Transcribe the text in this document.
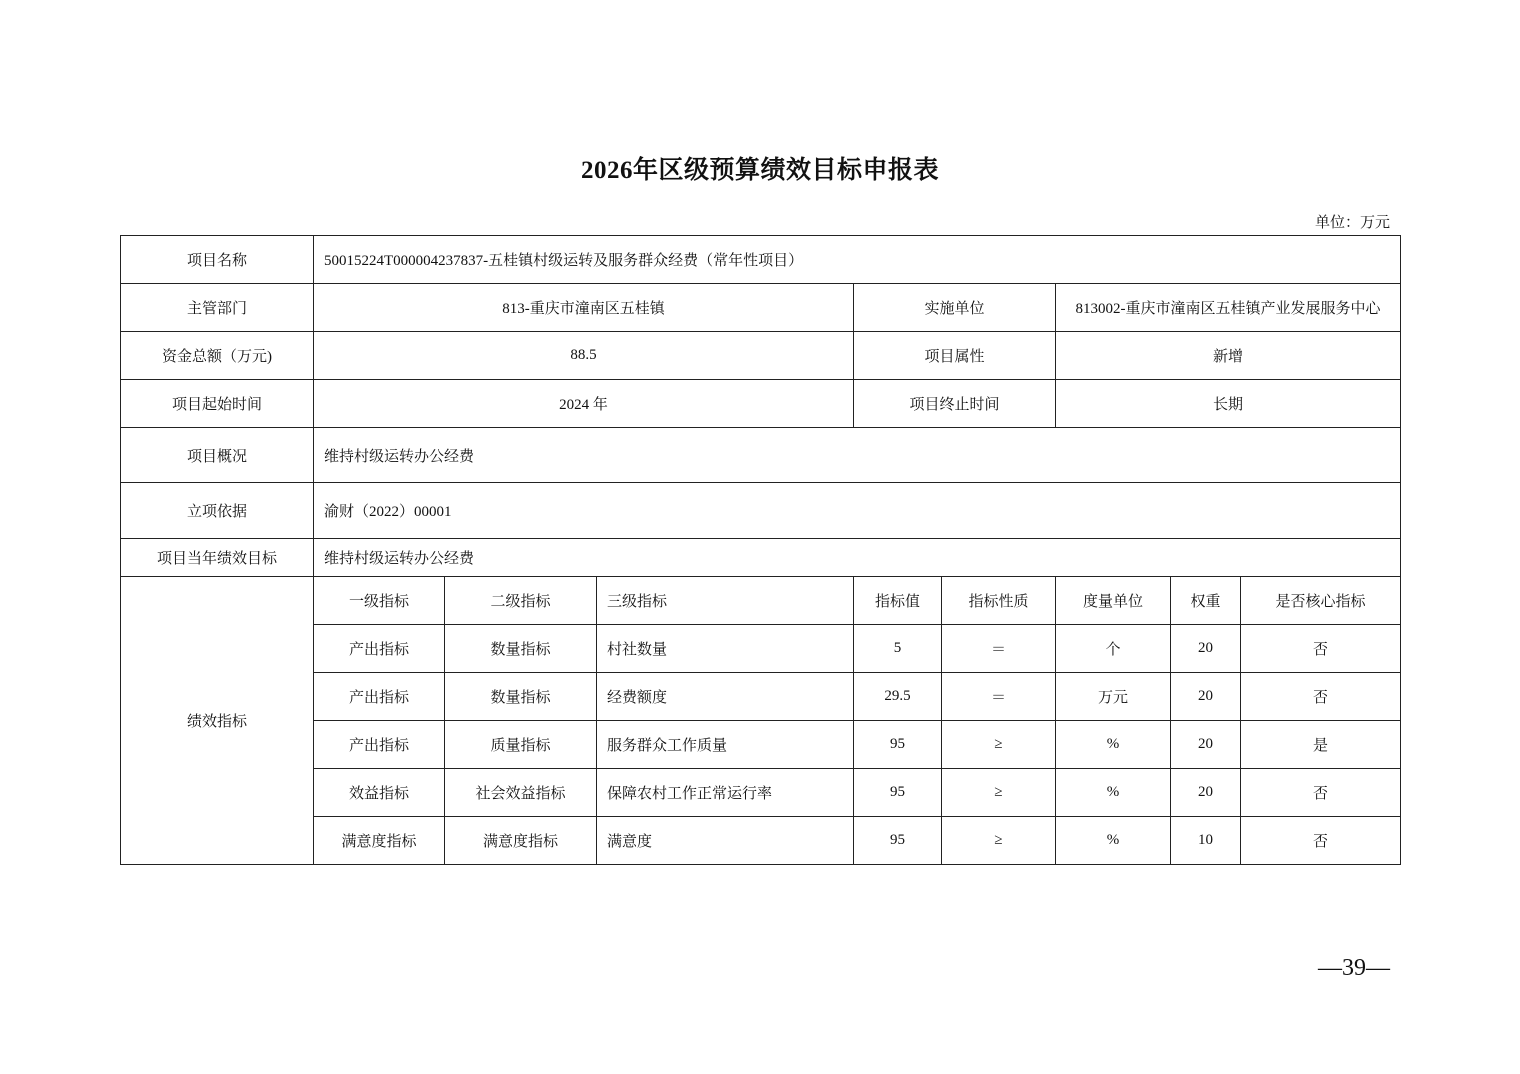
2026年区级预算绩效目标申报表
单位：万元
项目名称	50015224T000004237837-五桂镇村级运转及服务群众经费（常年性项目）							
主管部门	813-重庆市潼南区五桂镇			实施单位		813002-重庆市潼南区五桂镇产业发展服务中心		
资金总额（万元)	88.5			项目属性		新增		
项目起始时间	2024 年			项目终止时间		长期		
项目概况	维持村级运转办公经费							
立项依据	渝财（2022）00001							
项目当年绩效目标	维持村级运转办公经费							
绩效指标	一级指标	二级指标	三级指标	指标值	指标性质	度量单位	权重	是否核心指标
	产出指标	数量指标	村社数量	5	＝	个	20	否
	产出指标	数量指标	经费额度	29.5	＝	万元	20	否
	产出指标	质量指标	服务群众工作质量	95	≥	%	20	是
	效益指标	社会效益指标	保障农村工作正常运行率	95	≥	%	20	否
	满意度指标	满意度指标	满意度	95	≥	%	10	否
—39—
